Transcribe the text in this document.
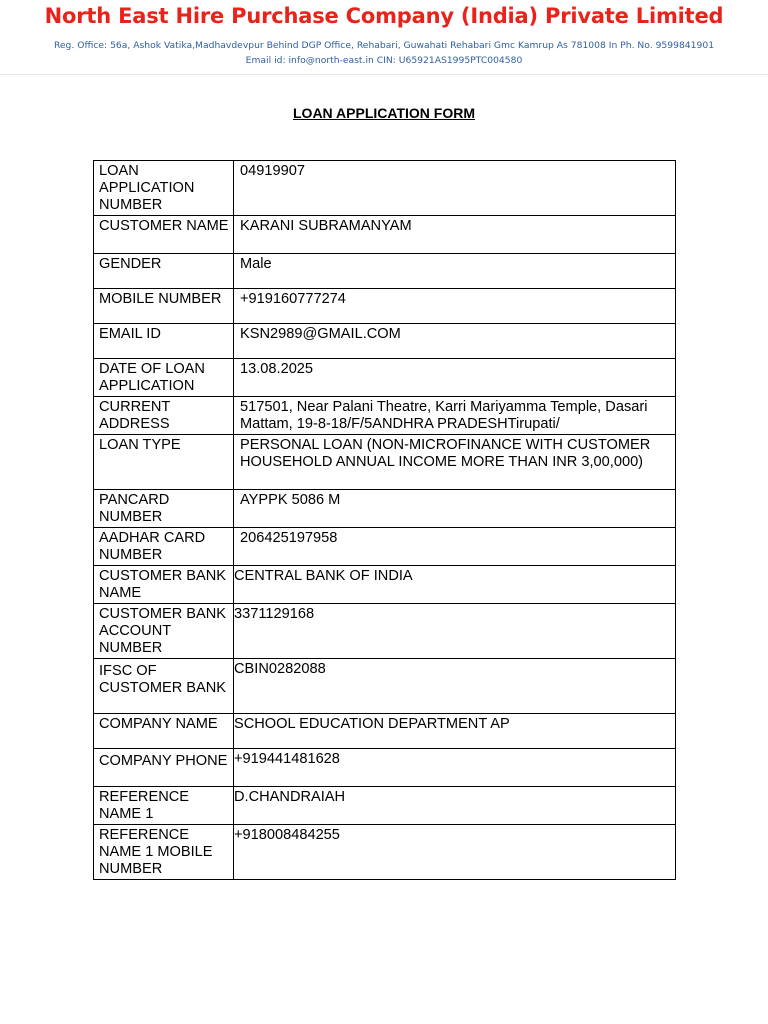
North East Hire Purchase Company (India) Private Limited
Reg. Office: 56a, Ashok Vatika,Madhavdevpur Behind DGP Office, Rehabari, Guwahati Rehabari Gmc Kamrup As 781008 In Ph. No. 9599841901 Email id: info@north-east.in CIN: U65921AS1995PTC004580
LOAN APPLICATION FORM
LOAN APPLICATION NUMBER	04919907
CUSTOMER NAME	KARANI SUBRAMANYAM
GENDER	Male
MOBILE NUMBER	+919160777274
EMAIL ID	KSN2989@GMAIL.COM
DATE OF LOAN APPLICATION	13.08.2025
CURRENT ADDRESS	517501, Near Palani Theatre, Karri Mariyamma Temple, Dasari Mattam, 19-8-18/F/5ANDHRA PRADESHTirupati/
LOAN TYPE	PERSONAL LOAN (NON-MICROFINANCE WITH CUSTOMER HOUSEHOLD ANNUAL INCOME MORE THAN INR 3,00,000)
PANCARD NUMBER	AYPPK 5086 M
AADHAR CARD NUMBER	206425197958
CUSTOMER BANK NAME	CENTRAL BANK OF INDIA
CUSTOMER BANK ACCOUNT NUMBER	3371129168
IFSC OF CUSTOMER BANK	CBIN0282088
COMPANY NAME	SCHOOL EDUCATION DEPARTMENT AP
COMPANY PHONE	+919441481628
REFERENCE NAME 1	D.CHANDRAIAH
REFERENCE NAME 1 MOBILE NUMBER	+918008484255
